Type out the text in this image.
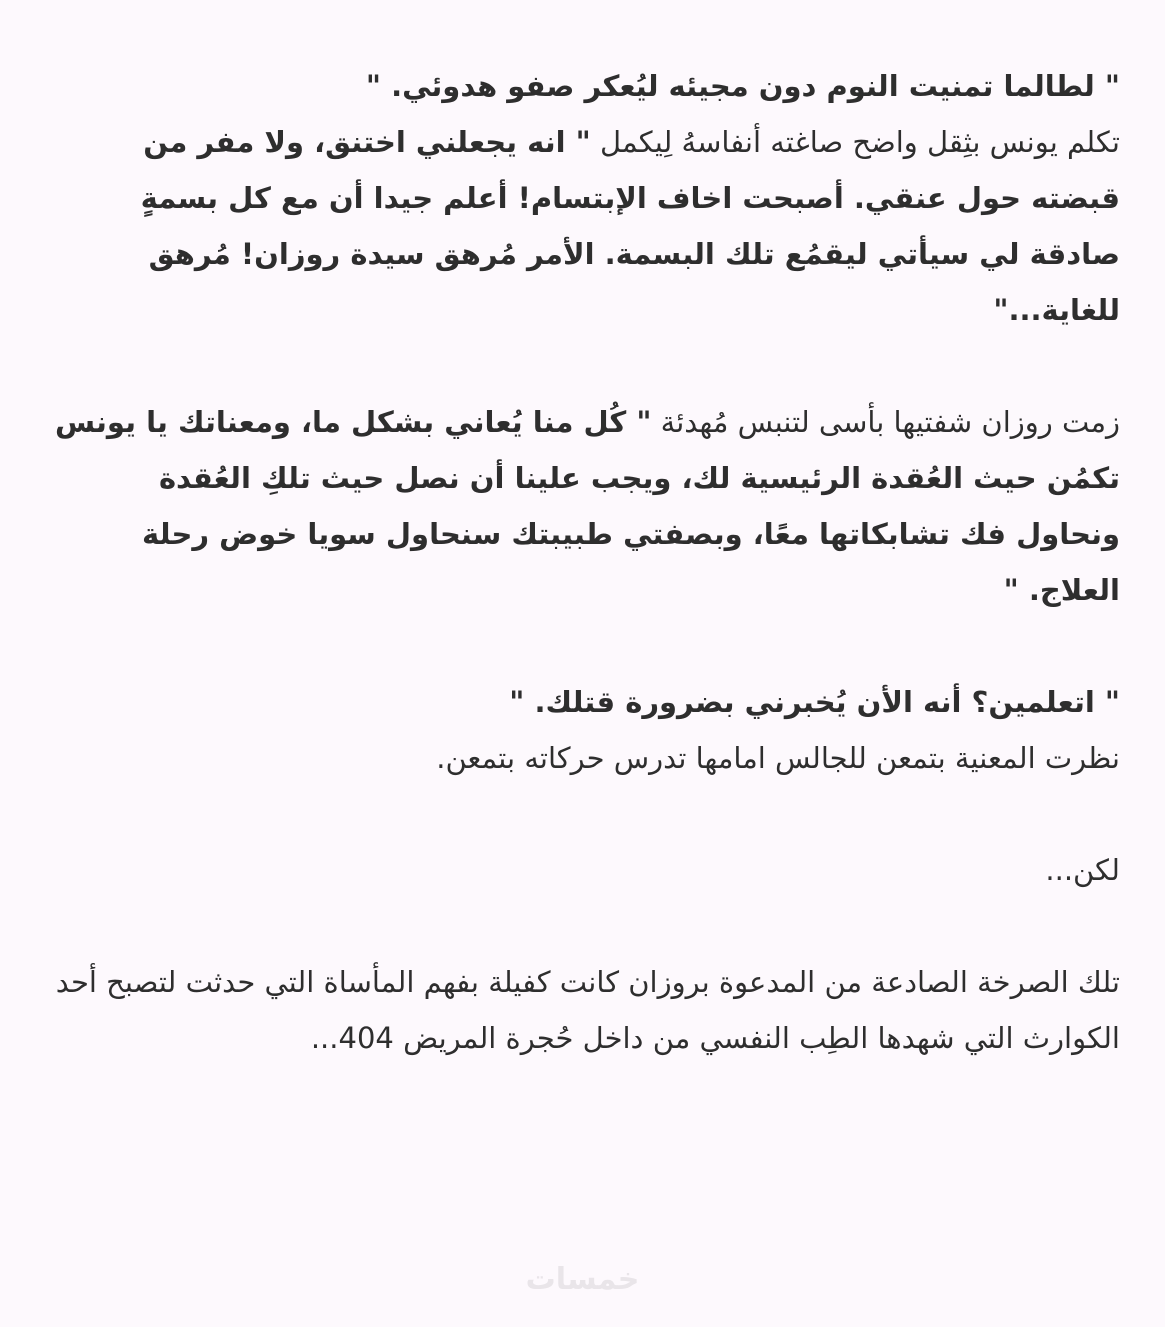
" لطالما تمنيت النوم دون مجيئه ليُعكر صفو هدوئي. "

تكلم يونس بثِقل واضح صاغته أنفاسهُ لِيكمل " انه يجعلني اختنق، ولا مفر من قبضته حول عنقي. أصبحت اخاف الإبتسام! أعلم جيدا أن مع كل بسمةٍ صادقة لي سيأتي ليقمُع تلك البسمة. الأمر مُرهق سيدة روزان! مُرهق للغاية..."

زمت روزان شفتيها بأسى لتنبس مُهدئة " كُل منا يُعاني بشكل ما، ومعناتك يا يونس تكمُن حيث العُقدة الرئيسية لك، ويجب علينا أن نصل حيث تلكِ العُقدة ونحاول فك تشابكاتها معًا، وبصفتي طبيبتك سنحاول سويا خوض رحلة العلاج. "

" اتعلمين؟ أنه الأن يُخبرني بضرورة قتلك. "

نظرت المعنية بتمعن للجالس امامها تدرس حركاته بتمعن.

لكن...

تلك الصرخة الصادعة من المدعوة بروزان كانت كفيلة بفهم المأساة التي حدثت لتصبح أحد الكوارث التي شهدها الطِب النفسي من داخل حُجرة المريض 404...

خمسات
